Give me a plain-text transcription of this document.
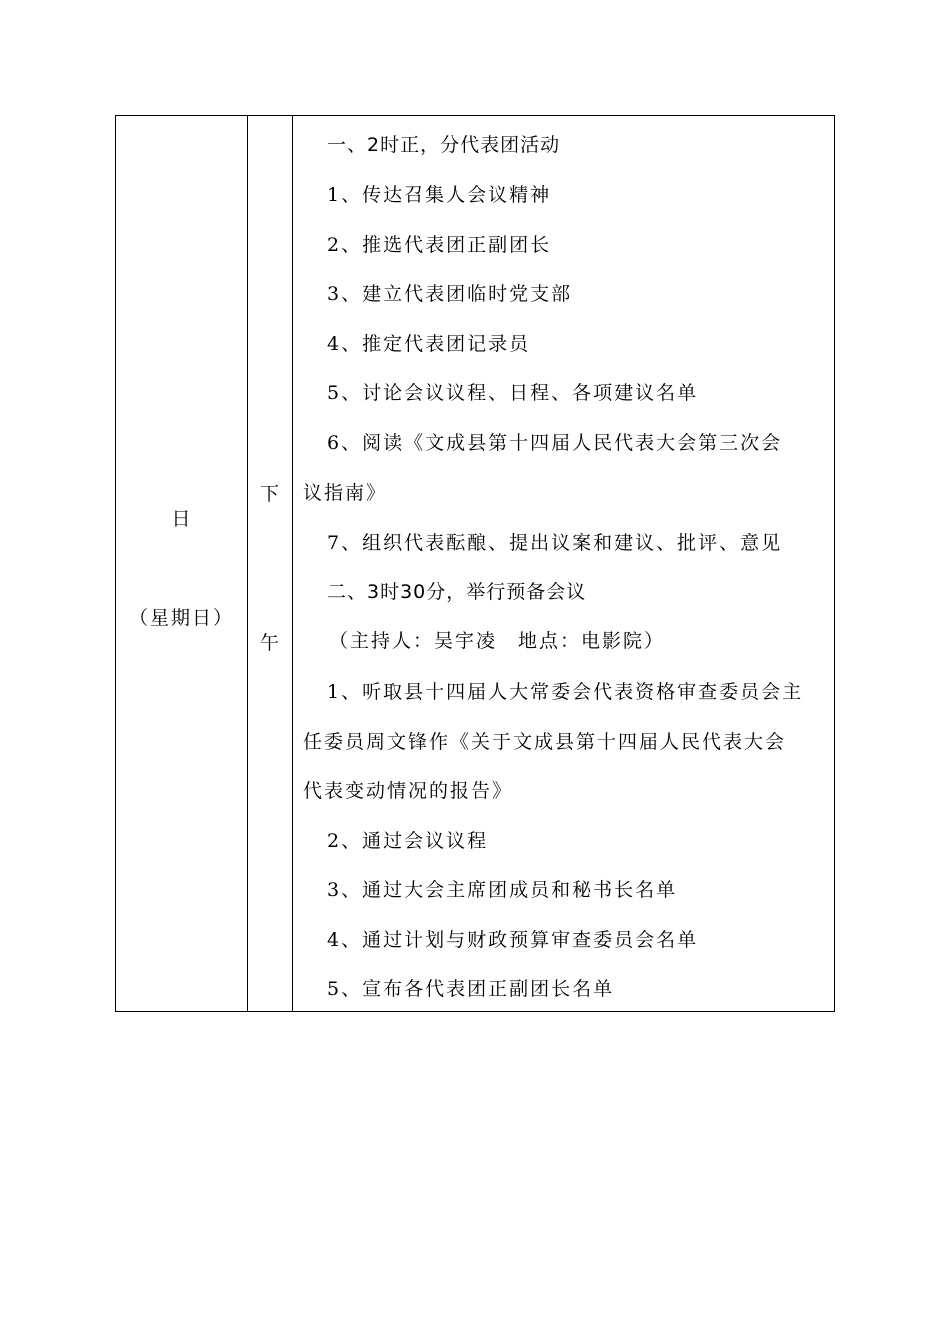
日
（星期日）
下
午
一、2时正，分代表团活动
1、传达召集人会议精神
2、推选代表团正副团长
3、建立代表团临时党支部
4、推定代表团记录员
5、讨论会议议程、日程、各项建议名单
6、阅读《文成县第十四届人民代表大会第三次会
议指南》
7、组织代表酝酿、提出议案和建议、批评、意见
二、3时30分，举行预备会议
（主持人：吴宇凌　地点：电影院）
1、听取县十四届人大常委会代表资格审查委员会主
任委员周文锋作《关于文成县第十四届人民代表大会
代表变动情况的报告》
2、通过会议议程
3、通过大会主席团成员和秘书长名单
4、通过计划与财政预算审查委员会名单
5、宣布各代表团正副团长名单
